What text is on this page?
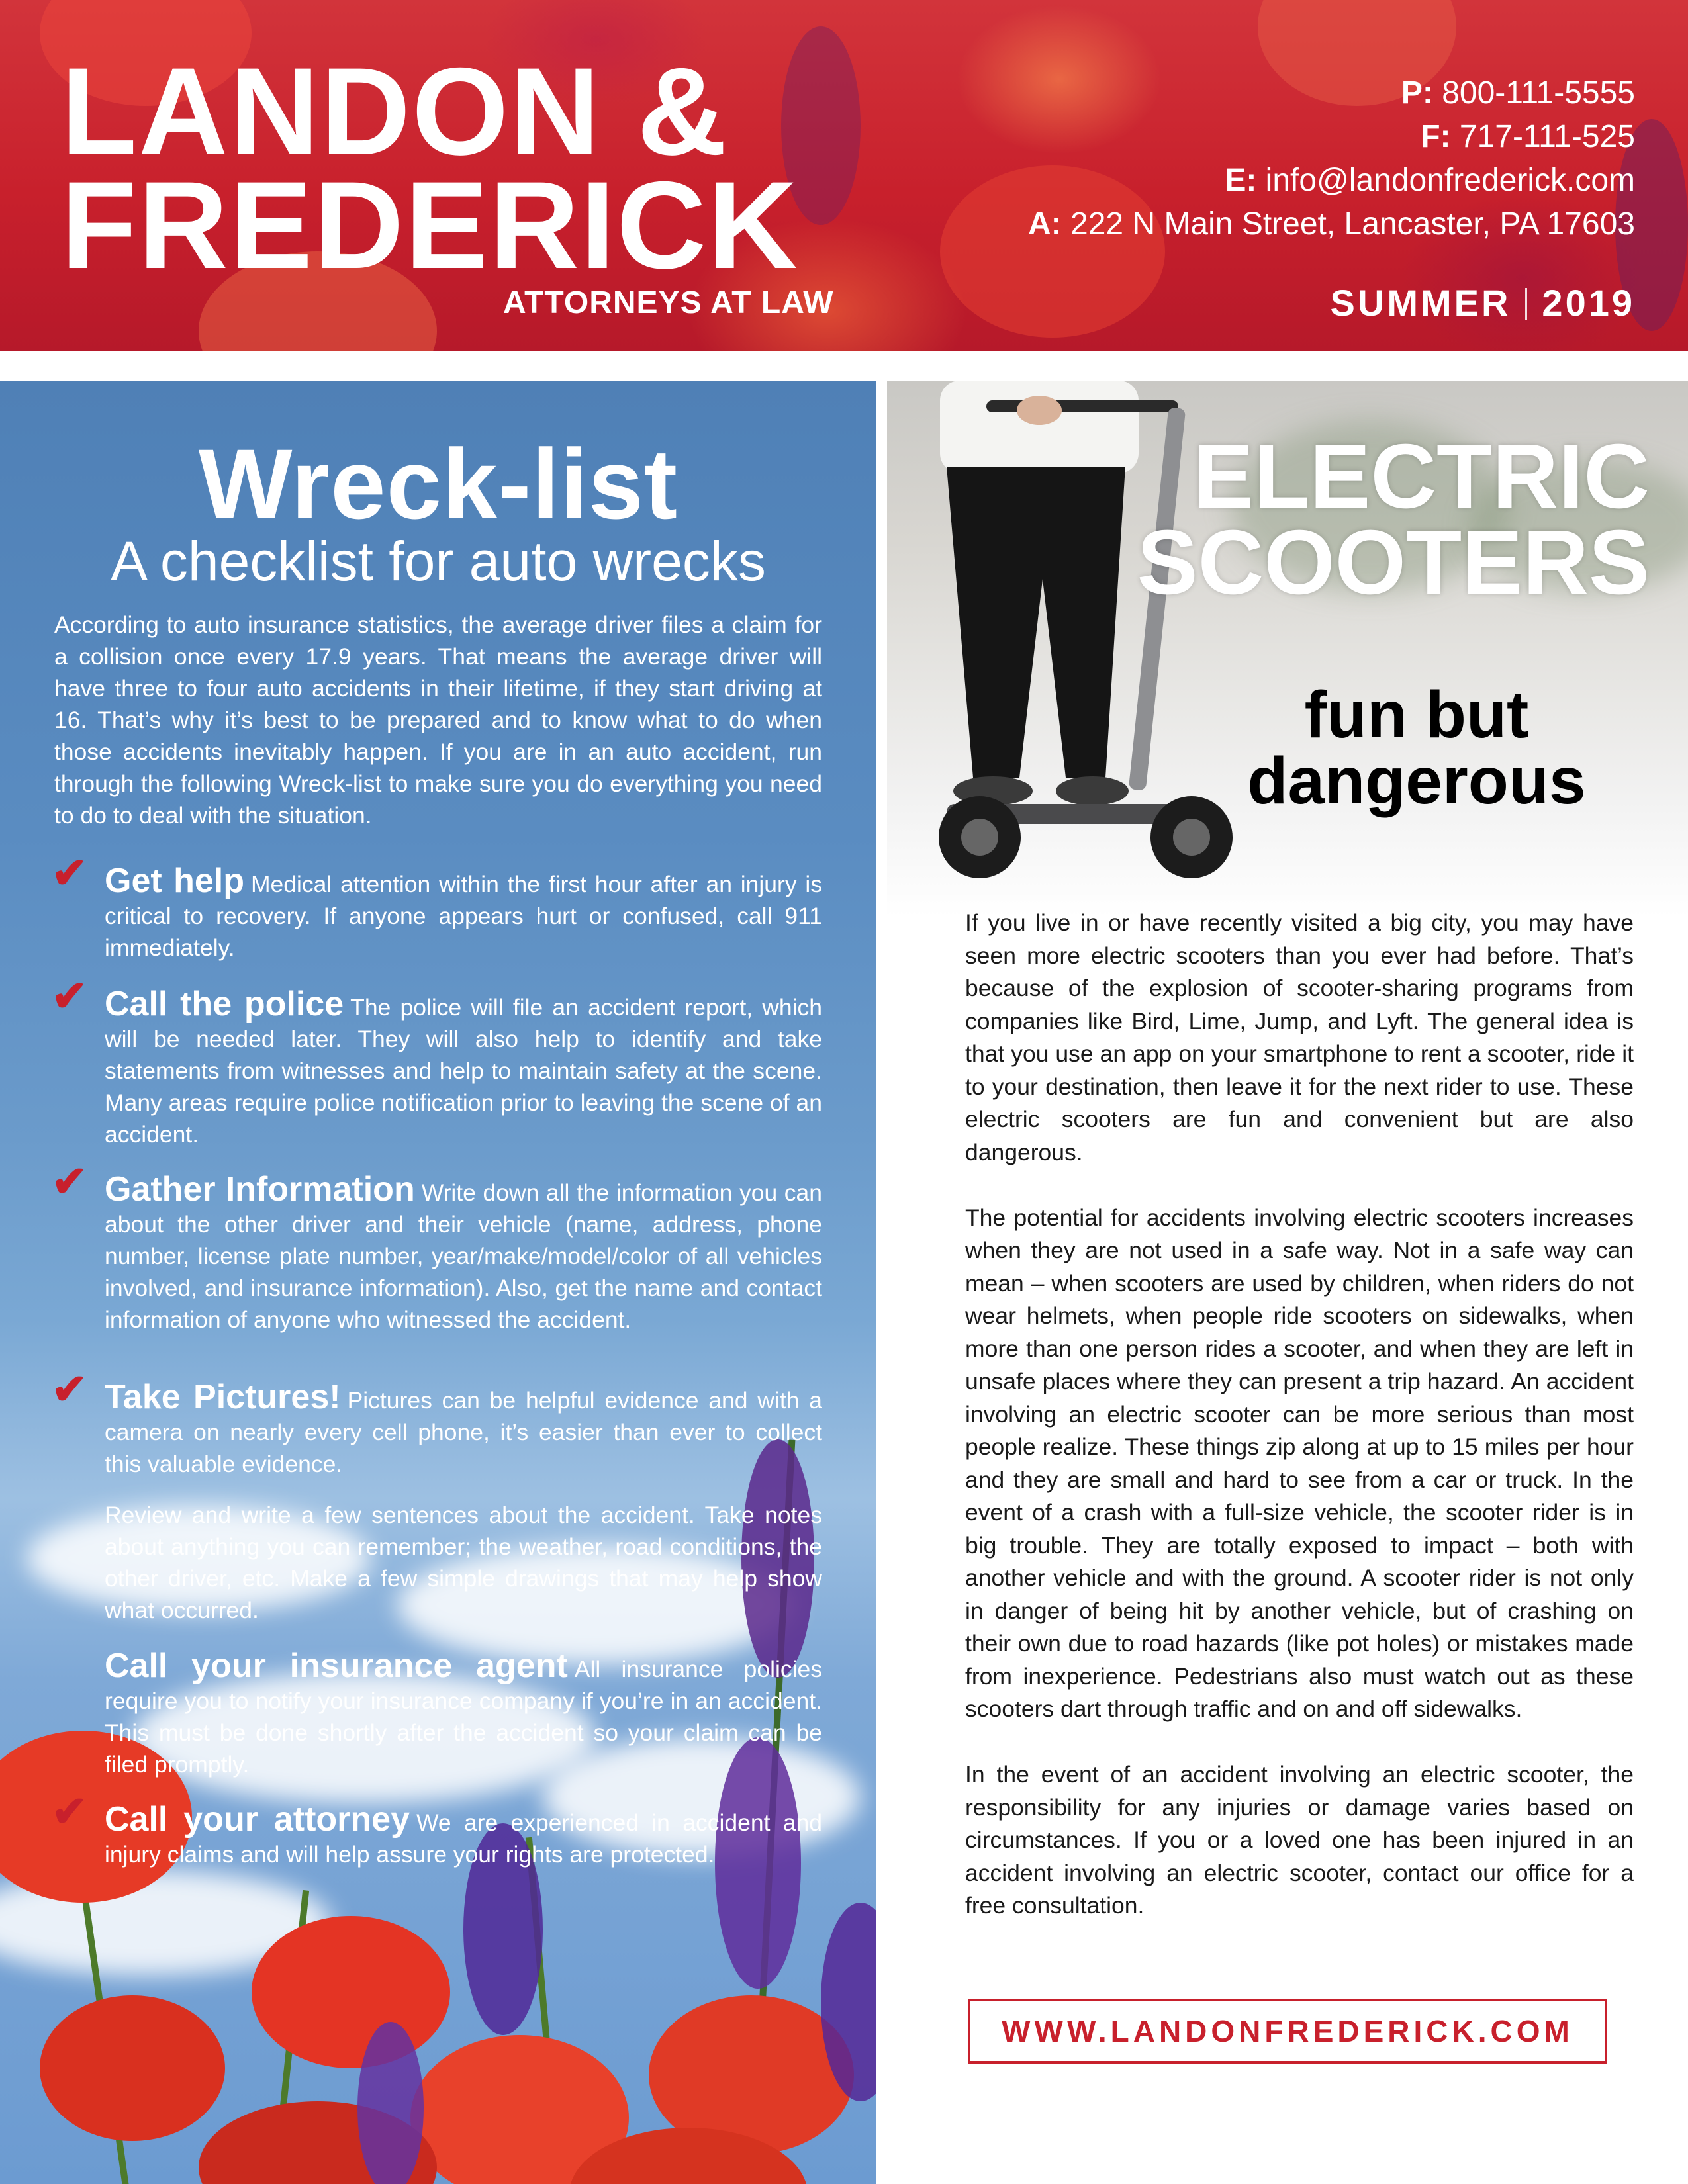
LANDON &
FREDERICK
ATTORNEYS AT LAW
P: 800-111-5555
F: 717-111-525
E: info@landonfrederick.com
A: 222 N Main Street, Lancaster, PA 17603
SUMMER 2019
Wreck-list
A checklist for auto wrecks

According to auto insurance statistics, the average driver files a claim for a collision once every 17.9 years. That means the average driver will have three to four auto accidents in their lifetime, if they start driving at 16. That’s why it’s best to be prepared and to know what to do when those accidents inevitably happen. If you are in an auto accident, run through the following Wreck-list to make sure you do everything you need to do to deal with the situation.

✔ Get help Medical attention within the first hour after an injury is critical to recovery. If anyone appears hurt or confused, call 911 immediately.
✔ Call the police The police will file an accident report, which will be needed later. They will also help to identify and take statements from witnesses and help to maintain safety at the scene. Many areas require police notification prior to leaving the scene of an accident.
✔ Gather Information Write down all the information you can about the other driver and their vehicle (name, address, phone number, license plate number, year/make/model/color of all vehicles involved, and insurance information). Also, get the name and contact information of anyone who witnessed the accident.
✔ Take Pictures! Pictures can be helpful evidence and with a camera on nearly every cell phone, it’s easier than ever to collect this valuable evidence.
Review and write a few sentences about the accident. Take notes about anything you can remember; the weather, road conditions, the other driver, etc. Make a few simple drawings that may help show what occurred.
Call your insurance agent All insurance policies require you to notify your insurance company if you’re in an accident. This must be done shortly after the accident so your claim can be filed promptly.
✔ Call your attorney We are experienced in accident and injury claims and will help assure your rights are protected.
ELECTRIC
SCOOTERS
fun but
dangerous

If you live in or have recently visited a big city, you may have seen more electric scooters than you ever had before. That’s because of the explosion of scooter-sharing programs from companies like Bird, Lime, Jump, and Lyft. The general idea is that you use an app on your smartphone to rent a scooter, ride it to your destination, then leave it for the next rider to use. These electric scooters are fun and convenient but are also dangerous.

The potential for accidents involving electric scooters increases when they are not used in a safe way. Not in a safe way can mean – when scooters are used by children, when riders do not wear helmets, when people ride scooters on sidewalks, when more than one person rides a scooter, and when they are left in unsafe places where they can present a trip hazard. An accident involving an electric scooter can be more serious than most people realize. These things zip along at up to 15 miles per hour and they are small and hard to see from a car or truck. In the event of a crash with a full-size vehicle, the scooter rider is in big trouble. They are totally exposed to impact – both with another vehicle and with the ground. A scooter rider is not only in danger of being hit by another vehicle, but of crashing on their own due to road hazards (like pot holes) or mistakes made from inexperience. Pedestrians also must watch out as these scooters dart through traffic and on and off sidewalks.

In the event of an accident involving an electric scooter, the responsibility for any injuries or damage varies based on circumstances. If you or a loved one has been injured in an accident involving an electric scooter, contact our office for a free consultation.

WWW.LANDONFREDERICK.COM
